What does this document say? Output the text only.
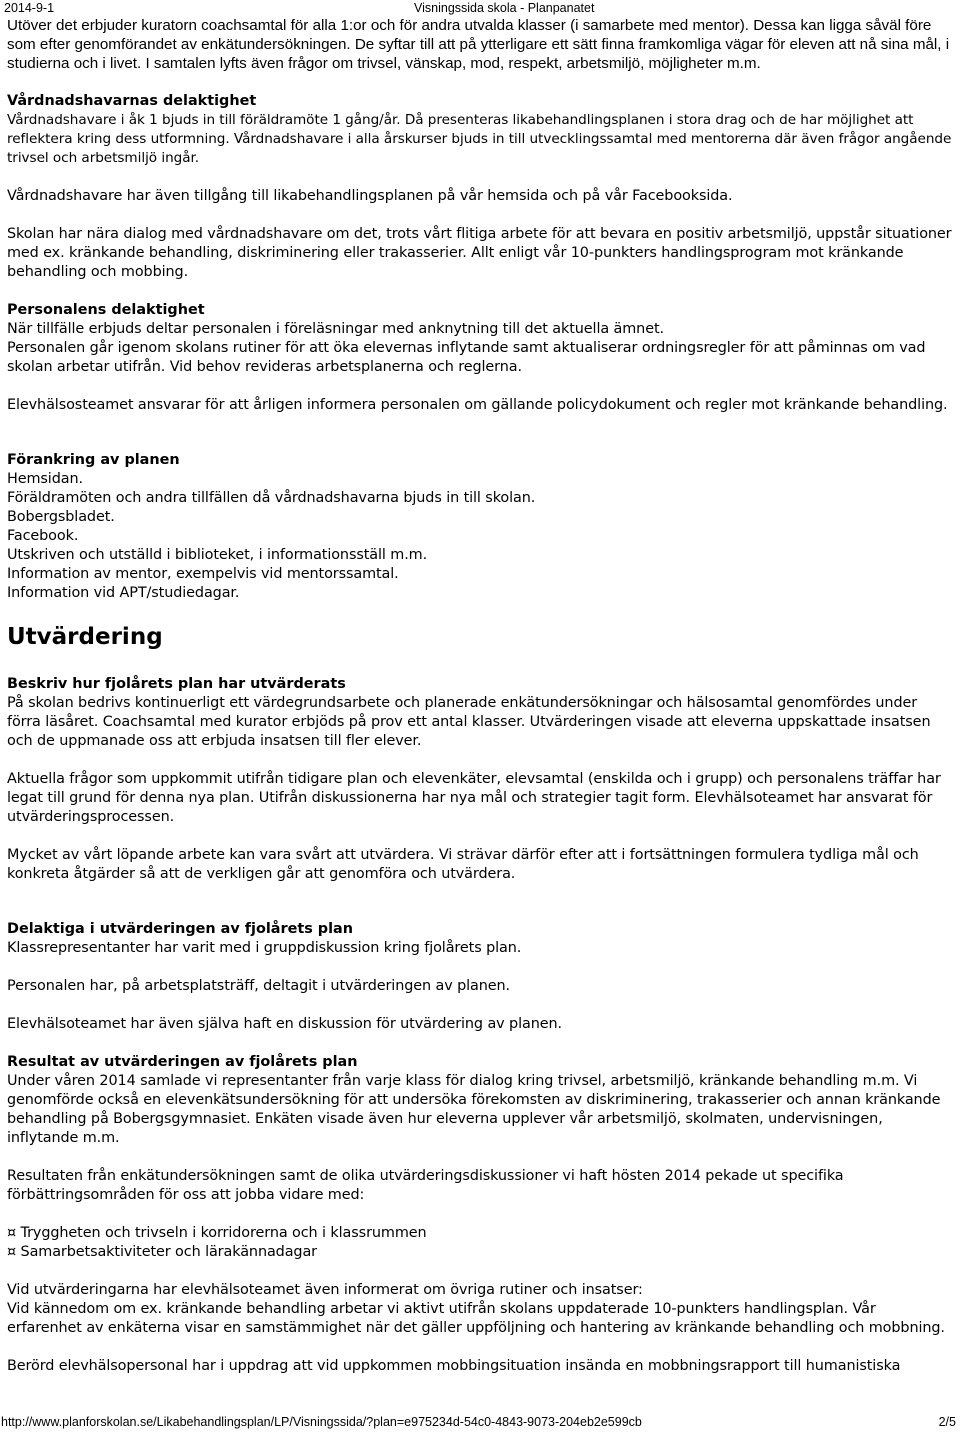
2014-9-1	Visningssida skola - Planpanatet

Utöver det erbjuder kuratorn coachsamtal för alla 1:or och för andra utvalda klasser (i samarbete med mentor). Dessa kan ligga såväl före som efter genomförandet av enkätundersökningen. De syftar till att på ytterligare ett sätt finna framkomliga vägar för eleven att nå sina mål, i studierna och i livet. I samtalen lyfts även frågor om trivsel, vänskap, mod, respekt, arbetsmiljö, möjligheter m.m.

Vårdnadshavarnas delaktighet

Vårdnadshavare i åk 1 bjuds in till föräldramöte 1 gång/år. Då presenteras likabehandlingsplanen i stora drag och de har möjlighet att reflektera kring dess utformning. Vårdnadshavare i alla årskurser bjuds in till utvecklingssamtal med mentorerna där även frågor angående trivsel och arbetsmiljö ingår.

Vårdnadshavare har även tillgång till likabehandlingsplanen på vår hemsida och på vår Facebooksida.

Skolan har nära dialog med vårdnadshavare om det, trots vårt flitiga arbete för att bevara en positiv arbetsmiljö, uppstår situationer med ex. kränkande behandling, diskriminering eller trakasserier. Allt enligt vår 10-punkters handlingsprogram mot kränkande behandling och mobbing.

Personalens delaktighet

När tillfälle erbjuds deltar personalen i föreläsningar med anknytning till det aktuella ämnet.

Personalen går igenom skolans rutiner för att öka elevernas inflytande samt aktualiserar ordningsregler för att påminnas om vad skolan arbetar utifrån. Vid behov revideras arbetsplanerna och reglerna.

Elevhälsosteamet ansvarar för att årligen informera personalen om gällande policydokument och regler mot kränkande behandling.

Förankring av planen

Hemsidan.

Föräldramöten och andra tillfällen då vårdnadshavarna bjuds in till skolan.

Bobergsbladet.

Facebook.

Utskriven och utställd i biblioteket, i informationsställ m.m.

Information av mentor, exempelvis vid mentorssamtal.

Information vid APT/studiedagar.

Utvärdering
Beskriv hur fjolårets plan har utvärderats

På skolan bedrivs kontinuerligt ett värdegrundsarbete och planerade enkätundersökningar och hälsosamtal genomfördes under förra läsåret. Coachsamtal med kurator erbjöds på prov ett antal klasser. Utvärderingen visade att eleverna uppskattade insatsen och de uppmanade oss att erbjuda insatsen till fler elever.

Aktuella frågor som uppkommit utifrån tidigare plan och elevenkäter, elevsamtal (enskilda och i grupp) och personalens träffar har legat till grund för denna nya plan. Utifrån diskussionerna har nya mål och strategier tagit form. Elevhälsoteamet har ansvarat för utvärderingsprocessen.

Mycket av vårt löpande arbete kan vara svårt att utvärdera. Vi strävar därför efter att i fortsättningen formulera tydliga mål och konkreta åtgärder så att de verkligen går att genomföra och utvärdera.

Delaktiga i utvärderingen av fjolårets plan

Klassrepresentanter har varit med i gruppdiskussion kring fjolårets plan.

Personalen har, på arbetsplatsträff, deltagit i utvärderingen av planen.

Elevhälsoteamet har även själva haft en diskussion för utvärdering av planen.

Resultat av utvärderingen av fjolårets plan

Under våren 2014 samlade vi representanter från varje klass för dialog kring trivsel, arbetsmiljö, kränkande behandling m.m. Vi genomförde också en elevenkätsundersökning för att undersöka förekomsten av diskriminering, trakasserier och annan kränkande behandling på Bobergsgymnasiet. Enkäten visade även hur eleverna upplever vår arbetsmiljö, skolmaten, undervisningen, inflytande m.m.

Resultaten från enkätundersökningen samt de olika utvärderingsdiskussioner vi haft hösten 2014 pekade ut specifika förbättringsområden för oss att jobba vidare med:

¤ Tryggheten och trivseln i korridorerna och i klassrummen

¤ Samarbetsaktiviteter och lärakännadagar

Vid utvärderingarna har elevhälsoteamet även informerat om övriga rutiner och insatser:

Vid kännedom om ex. kränkande behandling arbetar vi aktivt utifrån skolans uppdaterade 10-punkters handlingsplan. Vår erfarenhet av enkäterna visar en samstämmighet när det gäller uppföljning och hantering av kränkande behandling och mobbning.

Berörd elevhälsopersonal har i uppdrag att vid uppkommen mobbingsituation insända en mobbningsrapport till humanistiska

http://www.planforskolan.se/Likabehandlingsplan/LP/Visningssida/?plan=e975234d-54c0-4843-9073-204eb2e599cb	2/5
